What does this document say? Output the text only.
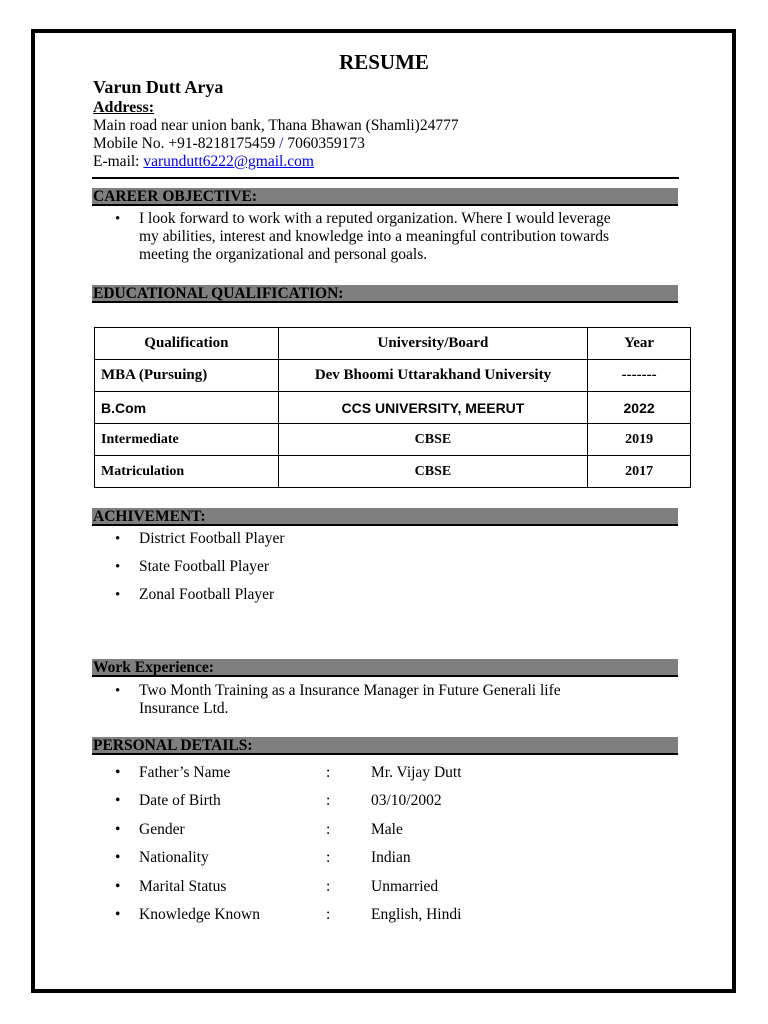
RESUME
Varun Dutt Arya
Address:
Main road near union bank, Thana Bhawan (Shamli)24777
Mobile No. +91-8218175459 / 7060359173
E-mail: varundutt6222@gmail.com
CAREER OBJECTIVE:
• I look forward to work with a reputed organization. Where I would leverage
my abilities, interest and knowledge into a meaningful contribution towards
meeting the organizational and personal goals.
EDUCATIONAL QUALIFICATION:
Qualification	University/Board	Year
MBA (Pursuing)	Dev Bhoomi Uttarakhand University	-------
B.Com	CCS UNIVERSITY, MEERUT	2022
Intermediate	CBSE	2019
Matriculation	CBSE	2017
ACHIVEMENT:
• District Football Player
• State Football Player
• Zonal Football Player
Work Experience:
• Two Month Training as a Insurance Manager in Future Generali life
Insurance Ltd.
PERSONAL DETAILS:
• Father’s Name	:	Mr. Vijay Dutt
• Date of Birth	:	03/10/2002
• Gender	:	Male
• Nationality	:	Indian
• Marital Status	:	Unmarried
• Knowledge Known	:	English, Hindi
